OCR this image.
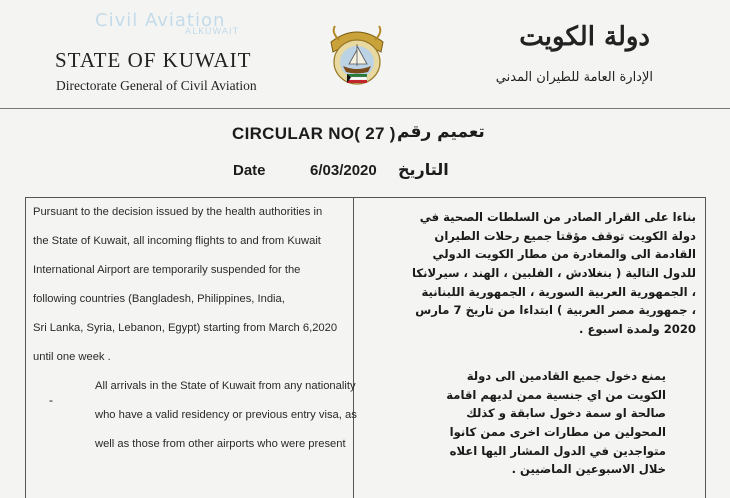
Civil Aviation
ALKUWAIT
STATE OF KUWAIT
Directorate General of Civil Aviation
دولة الكويت
الإدارة العامة للطيران المدني
CIRCULAR NO( 27 ) تعميم رقم
Date	6/03/2020 التاريخ
Pursuant to the decision issued by the health authorities in
the State of Kuwait, all incoming flights to and from Kuwait
International Airport are temporarily suspended for the
following countries (Bangladesh, Philippines, India,
Sri Lanka, Syria, Lebanon, Egypt) starting from March 6,2020
until one week .
All arrivals in the State of Kuwait from any nationality
who have a valid residency or previous entry visa, as
well as those from other airports who were present
-
بناءا على القرار الصادر من السلطات الصحية في
دولة الكويت توقف مؤقتا جميع رحلات الطيران
القادمة الى والمغادرة من مطار الكويت الدولي
للدول التالية ( بنغلادش ، الفلبين ، الهند ، سيرلانكا
، الجمهورية العربية السورية ، الجمهورية اللبنانية
، جمهورية مصر العربية ) ابتداءا من تاريخ 7 مارس
2020 ولمدة اسبوع .
يمنع دخول جميع القادمين الى دولة
الكويت من اي جنسية ممن لديهم اقامة
صالحة او سمة دخول سابقة و كذلك
المحولين من مطارات اخرى ممن كانوا
متواجدين في الدول المشار اليها اعلاه
خلال الاسبوعين الماضيين .
